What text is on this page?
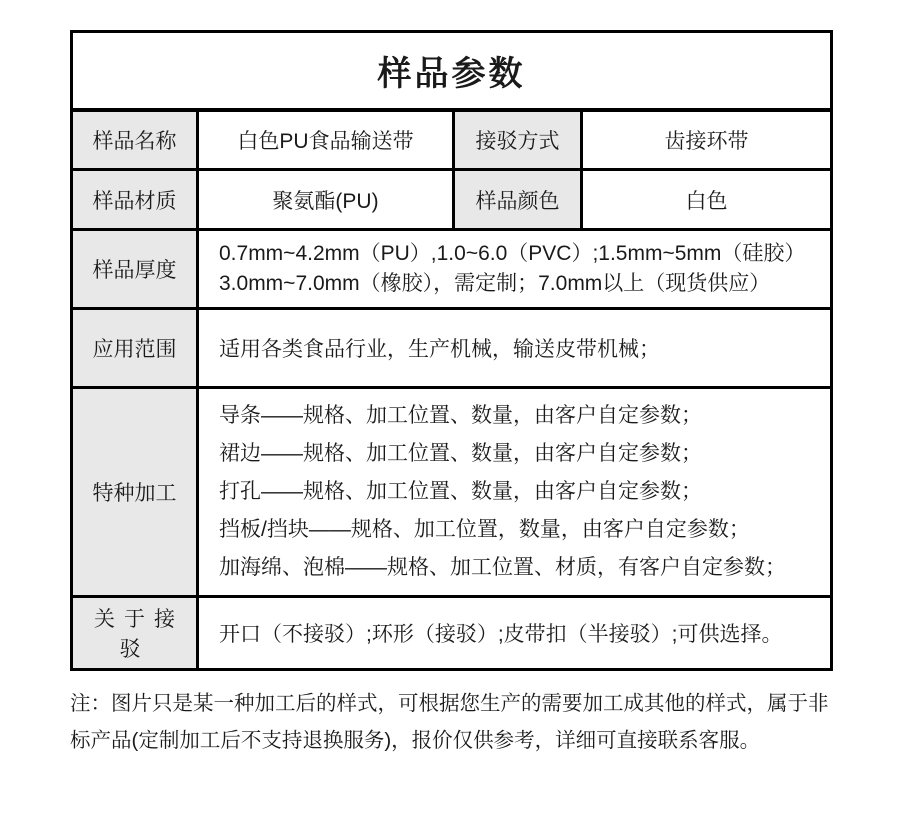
样品参数			
样品名称	白色PU食品输送带	接驳方式	齿接环带
样品材质	聚氨酯(PU)	样品颜色	白色
样品厚度	0.7mm~4.2mm（PU）,1.0~6.0（PVC）;1.5mm~5mm（硅胶）
3.0mm~7.0mm（橡胶），需定制；7.0mm以上（现货供应）		

应用范围	适用各类食品行业，生产机械，输送皮带机械；		
特种加工	导条——规格、加工位置、数量，由客户自定参数；
裙边——规格、加工位置、数量，由客户自定参数；
打孔——规格、加工位置、数量，由客户自定参数；
挡板/挡块——规格、加工位置，数量，由客户自定参数；
加海绵、泡棉——规格、加工位置、材质，有客户自定参数；		

关于接驳	开口（不接驳）;环形（接驳）;皮带扣（半接驳）;可供选择。		
注：图片只是某一种加工后的样式，可根据您生产的需要加工成其他的样式，属于非
标产品(定制加工后不支持退换服务)，报价仅供参考，详细可直接联系客服。
